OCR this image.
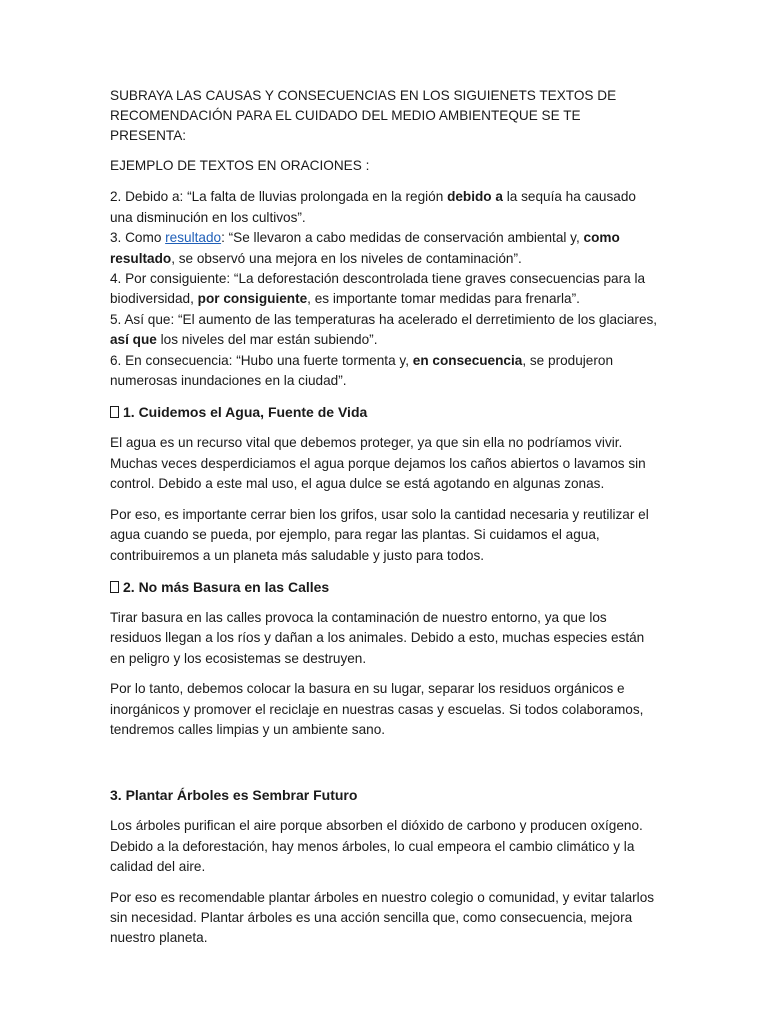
SUBRAYA LAS CAUSAS Y CONSECUENCIAS EN LOS SIGUIENETS TEXTOS DE
RECOMENDACIÓN PARA EL CUIDADO DEL MEDIO AMBIENTEQUE SE TE PRESENTA:

EJEMPLO DE TEXTOS EN ORACIONES :

2. Debido a: “La falta de lluvias prolongada en la región debido a la sequía ha causado una disminución en los cultivos”.

3. Como resultado: “Se llevaron a cabo medidas de conservación ambiental y, como resultado, se observó una mejora en los niveles de contaminación”.

4. Por consiguiente: “La deforestación descontrolada tiene graves consecuencias para la biodiversidad, por consiguiente, es importante tomar medidas para frenarla”.

5. Así que: “El aumento de las temperaturas ha acelerado el derretimiento de los glaciares, así que los niveles del mar están subiendo”.

6. En consecuencia: “Hubo una fuerte tormenta y, en consecuencia, se produjeron numerosas inundaciones en la ciudad”.

1. Cuidemos el Agua, Fuente de Vida

El agua es un recurso vital que debemos proteger, ya que sin ella no podríamos vivir. Muchas veces desperdiciamos el agua porque dejamos los caños abiertos o lavamos sin control. Debido a este mal uso, el agua dulce se está agotando en algunas zonas.

Por eso, es importante cerrar bien los grifos, usar solo la cantidad necesaria y reutilizar el agua cuando se pueda, por ejemplo, para regar las plantas. Si cuidamos el agua, contribuiremos a un planeta más saludable y justo para todos.

2. No más Basura en las Calles

Tirar basura en las calles provoca la contaminación de nuestro entorno, ya que los residuos llegan a los ríos y dañan a los animales. Debido a esto, muchas especies están en peligro y los ecosistemas se destruyen.

Por lo tanto, debemos colocar la basura en su lugar, separar los residuos orgánicos e inorgánicos y promover el reciclaje en nuestras casas y escuelas. Si todos colaboramos, tendremos calles limpias y un ambiente sano.

3. Plantar Árboles es Sembrar Futuro

Los árboles purifican el aire porque absorben el dióxido de carbono y producen oxígeno. Debido a la deforestación, hay menos árboles, lo cual empeora el cambio climático y la calidad del aire.

Por eso es recomendable plantar árboles en nuestro colegio o comunidad, y evitar talarlos sin necesidad. Plantar árboles es una acción sencilla que, como consecuencia, mejora nuestro planeta.
